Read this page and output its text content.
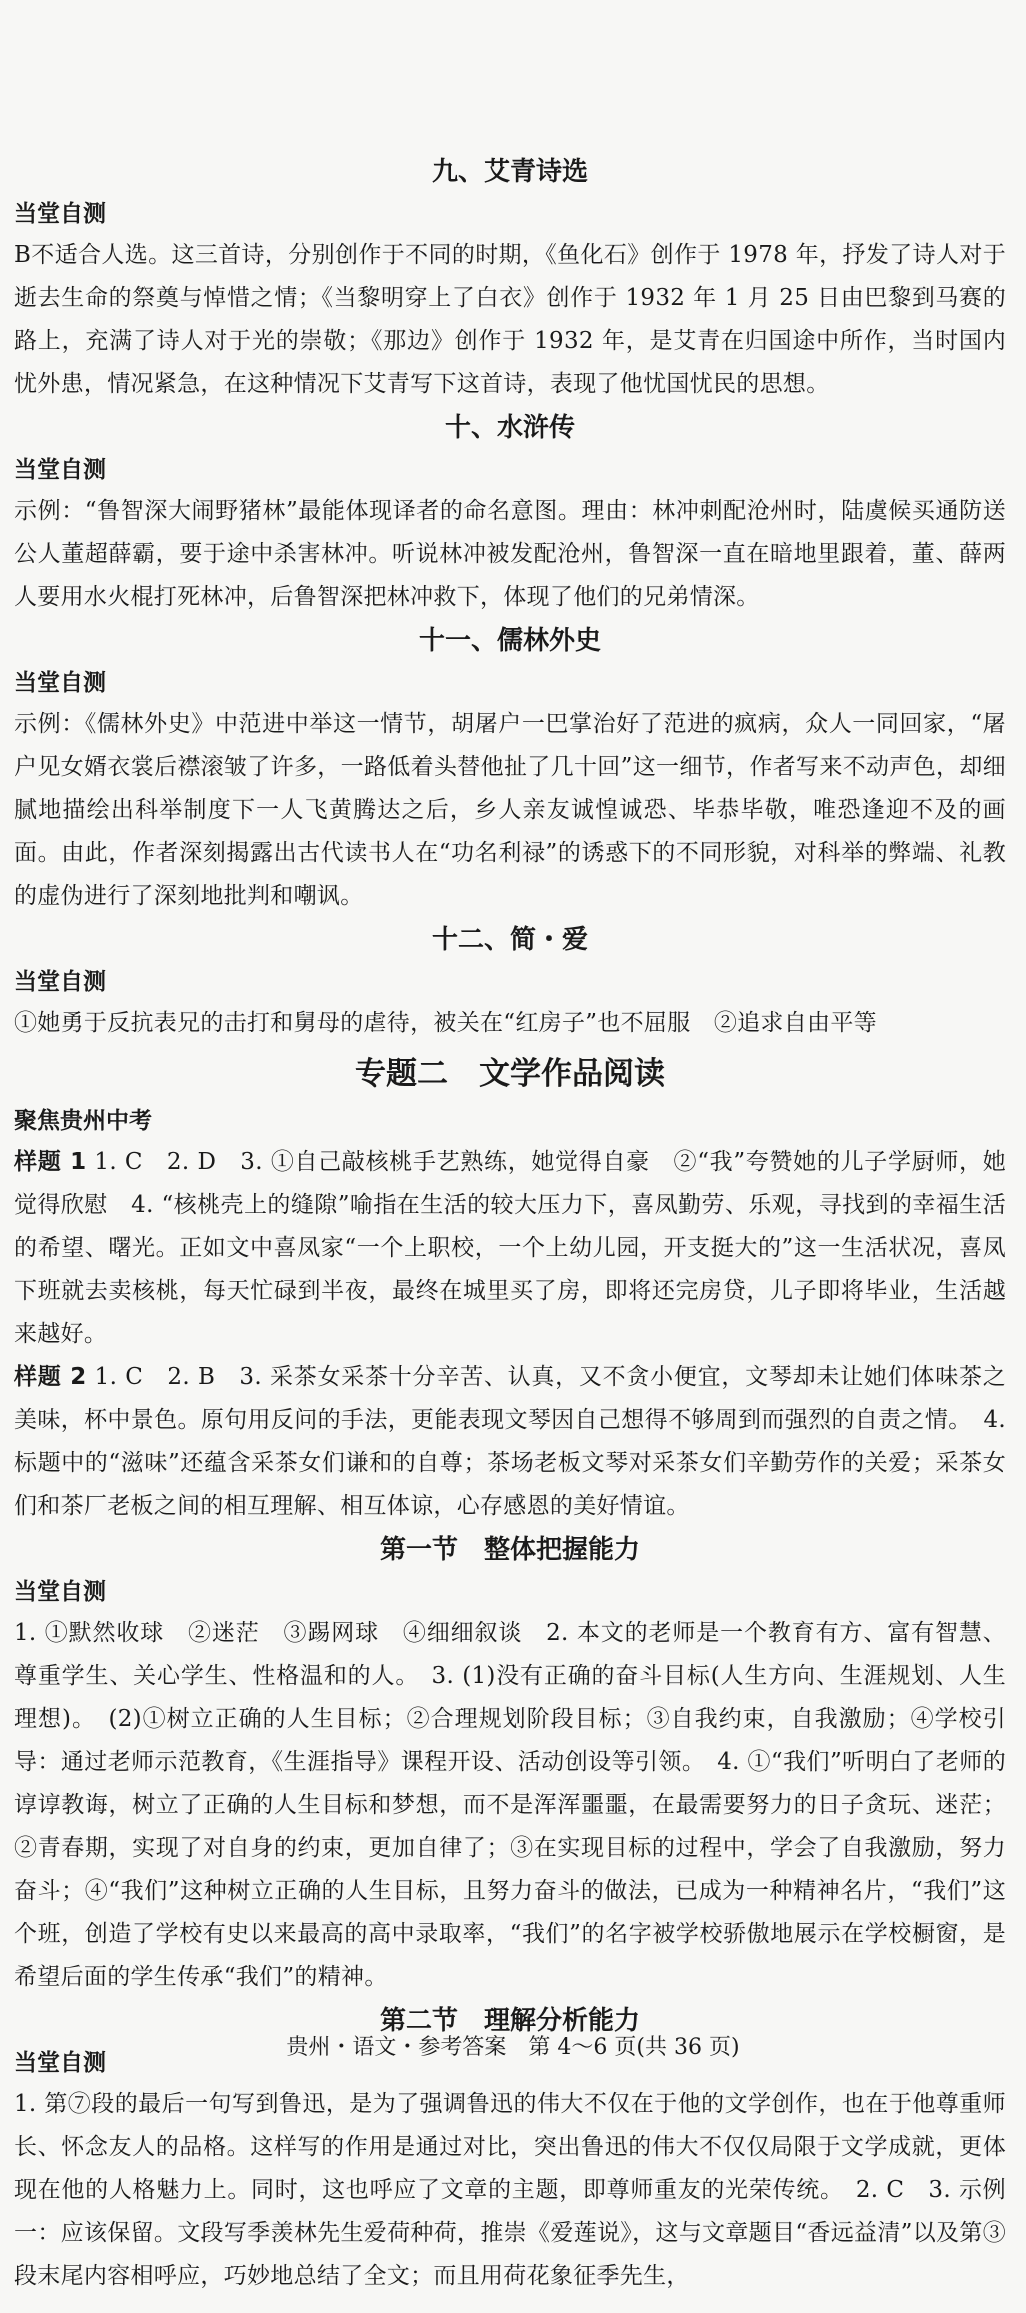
九、艾青诗选

当堂自测

B不适合人选。这三首诗，分别创作于不同的时期，《鱼化石》创作于 1978 年，抒发了诗人对于逝去生命的祭奠与悼惜之情；《当黎明穿上了白衣》创作于 1932 年 1 月 25 日由巴黎到马赛的路上，充满了诗人对于光的崇敬；《那边》创作于 1932 年，是艾青在归国途中所作，当时国内忧外患，情况紧急，在这种情况下艾青写下这首诗，表现了他忧国忧民的思想。

十、水浒传

当堂自测

示例：“鲁智深大闹野猪林”最能体现译者的命名意图。理由：林冲刺配沧州时，陆虞候买通防送公人董超薛霸，要于途中杀害林冲。听说林冲被发配沧州，鲁智深一直在暗地里跟着，董、薛两人要用水火棍打死林冲，后鲁智深把林冲救下，体现了他们的兄弟情深。

十一、儒林外史

当堂自测

示例：《儒林外史》中范进中举这一情节，胡屠户一巴掌治好了范进的疯病，众人一同回家，“屠户见女婿衣裳后襟滚皱了许多，一路低着头替他扯了几十回”这一细节，作者写来不动声色，却细腻地描绘出科举制度下一人飞黄腾达之后，乡人亲友诚惶诚恐、毕恭毕敬，唯恐逢迎不及的画面。由此，作者深刻揭露出古代读书人在“功名利禄”的诱惑下的不同形貌，对科举的弊端、礼教的虚伪进行了深刻地批判和嘲讽。

十二、简・爱

当堂自测

①她勇于反抗表兄的击打和舅母的虐待，被关在“红房子”也不屈服　②追求自由平等

专题二　文学作品阅读

聚焦贵州中考

样题 1 1. C　2. D　3. ①自己敲核桃手艺熟练，她觉得自豪　②“我”夸赞她的儿子学厨师，她觉得欣慰　4. “核桃壳上的缝隙”喻指在生活的较大压力下，喜凤勤劳、乐观，寻找到的幸福生活的希望、曙光。正如文中喜凤家“一个上职校，一个上幼儿园，开支挺大的”这一生活状况，喜凤下班就去卖核桃，每天忙碌到半夜，最终在城里买了房，即将还完房贷，儿子即将毕业，生活越来越好。

样题 2 1. C　2. B　3. 采茶女采茶十分辛苦、认真，又不贪小便宜，文琴却未让她们体味茶之美味，杯中景色。原句用反问的手法，更能表现文琴因自己想得不够周到而强烈的自责之情。　4. 标题中的“滋味”还蕴含采茶女们谦和的自尊；茶场老板文琴对采茶女们辛勤劳作的关爱；采茶女们和茶厂老板之间的相互理解、相互体谅，心存感恩的美好情谊。

第一节　整体把握能力

当堂自测

1. ①默然收球　②迷茫　③踢网球　④细细叙谈　2. 本文的老师是一个教育有方、富有智慧、尊重学生、关心学生、性格温和的人。　3. (1)没有正确的奋斗目标(人生方向、生涯规划、人生理想)。　(2)①树立正确的人生目标；②合理规划阶段目标；③自我约束，自我激励；④学校引导：通过老师示范教育，《生涯指导》课程开设、活动创设等引领。　4. ①“我们”听明白了老师的谆谆教诲，树立了正确的人生目标和梦想，而不是浑浑噩噩，在最需要努力的日子贪玩、迷茫；②青春期，实现了对自身的约束，更加自律了；③在实现目标的过程中，学会了自我激励，努力奋斗；④“我们”这种树立正确的人生目标，且努力奋斗的做法，已成为一种精神名片，“我们”这个班，创造了学校有史以来最高的高中录取率，“我们”的名字被学校骄傲地展示在学校橱窗，是希望后面的学生传承“我们”的精神。

第二节　理解分析能力

当堂自测

1. 第⑦段的最后一句写到鲁迅，是为了强调鲁迅的伟大不仅在于他的文学创作，也在于他尊重师长、怀念友人的品格。这样写的作用是通过对比，突出鲁迅的伟大不仅仅局限于文学成就，更体现在他的人格魅力上。同时，这也呼应了文章的主题，即尊师重友的光荣传统。　2. C　3. 示例一：应该保留。文段写季羡林先生爱荷种荷，推崇《爱莲说》，这与文章题目“香远益清”以及第③段末尾内容相呼应，巧妙地总结了全文；而且用荷花象征季先生，

贵州・语文・参考答案　第 4～6 页(共 36 页)
